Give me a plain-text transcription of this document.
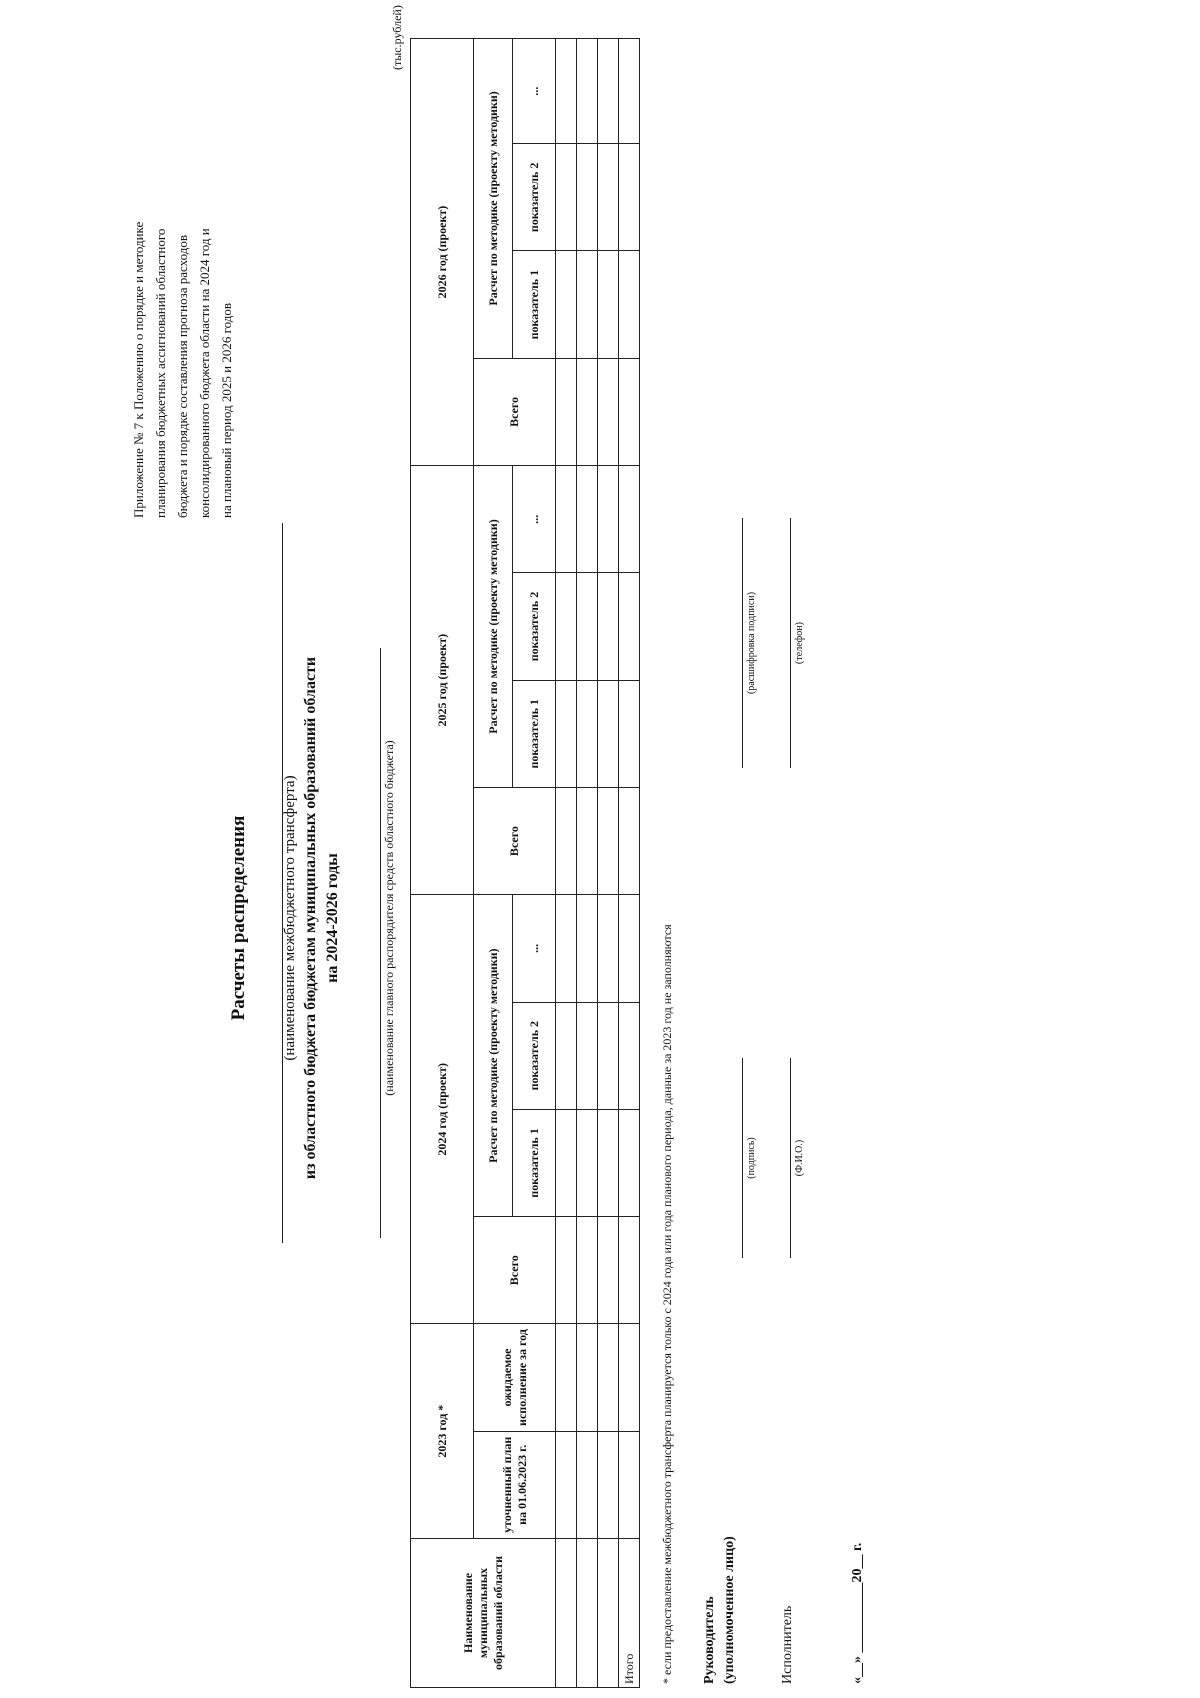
Приложение № 7 к Положению о порядке и методике планирования бюджетных ассигнований областного бюджета и порядке составления прогноза расходов консолидированного бюджета области на 2024 год и на плановый период 2025 и 2026 годов
Расчеты распределения (наименование межбюджетного трансферта) из областного бюджета бюджетам муниципальных образований области на 2024-2026 годы	(наименование главного распорядителя средств областного бюджета)
(тыс.рублей)
Наименование муниципальных образований области	2023 год *		2024 год (проект)				2025 год (проект)				2026 год (проект)			
	уточненный план на 01.06.2023 г.	ожидаемое исполнение за год	Всего	Расчет по методике (проекту методики)			Всего	Расчет по методике (проекту методики)			Всего	Расчет по методике (проекту методики)		
				показатель 1	показатель 2	...		показатель 1	показатель 2	...		показатель 1	показатель 2	...

Итого														* если предоставление межбюджетного трансферта планируется только с 2024 года или года планового периода, данные за 2023 год не заполняются Руководитель (уполномоченное лицо)
(подпись)
(расшифровка подписи)
Исполнитель
(Ф.И.О.)
(телефон)
«__» __________20__ г.
